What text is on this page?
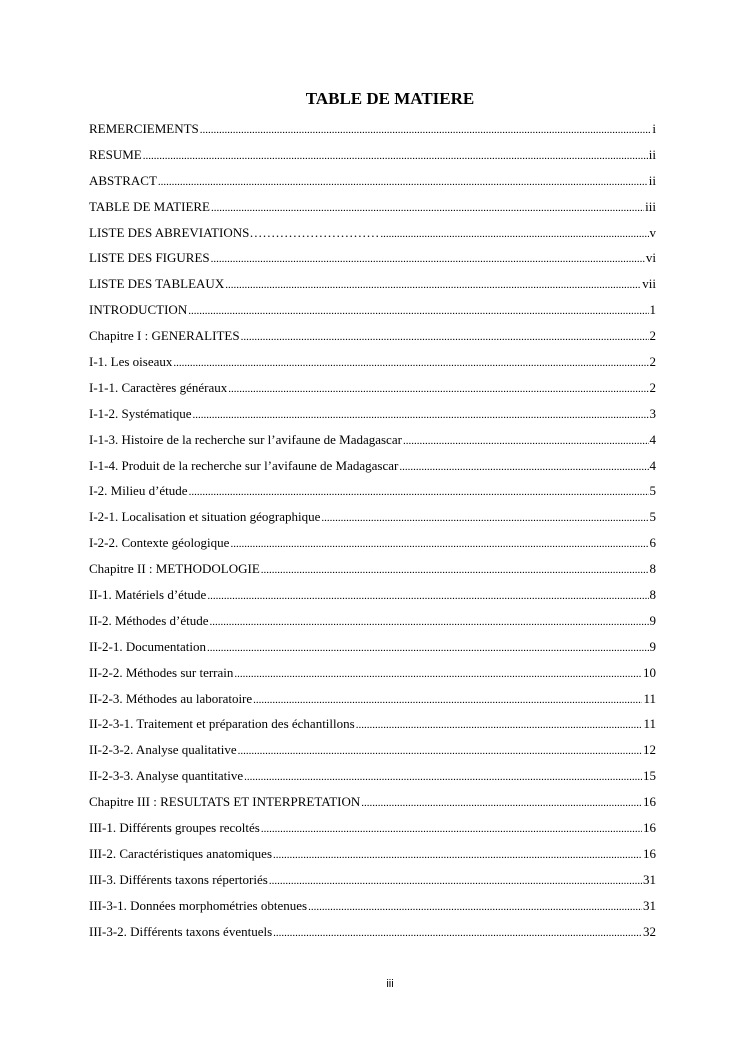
TABLE DE MATIERE
REMERCIEMENTS .....	i
RESUME .....	ii
ABSTRACT .....	ii
TABLE DE MATIERE .....	iii
LISTE DES ABREVIATIONS………………………… .....	v
LISTE DES FIGURES .....	vi
LISTE DES TABLEAUX .....	vii
INTRODUCTION .....	1
Chapitre I : GENERALITES .....	2
I-1. Les oiseaux .....	2
I-1-1. Caractères généraux .....	2
I-1-2. Systématique .....	3
I-1-3. Histoire de la recherche sur l’avifaune de Madagascar .....	4
I-1-4. Produit de la recherche sur l’avifaune de Madagascar .....	4
I-2. Milieu d’étude .....	5
I-2-1. Localisation et situation géographique .....	5
I-2-2. Contexte géologique .....	6
Chapitre II : METHODOLOGIE .....	8
II-1. Matériels d’étude .....	8
II-2. Méthodes d’étude .....	9
II-2-1. Documentation .....	9
II-2-2. Méthodes sur terrain .....	10
II-2-3. Méthodes au laboratoire .....	11
II-2-3-1. Traitement et préparation des échantillons .....	11
II-2-3-2. Analyse qualitative .....	12
II-2-3-3. Analyse quantitative .....	15
Chapitre III : RESULTATS ET INTERPRETATION .....	16
III-1. Différents groupes recoltés .....	16
III-2. Caractéristiques anatomiques .....	16
III-3. Différents taxons répertoriés .....	31
III-3-1. Données morphométries obtenues .....	31
III-3-2. Différents taxons éventuels .....	32
iii
